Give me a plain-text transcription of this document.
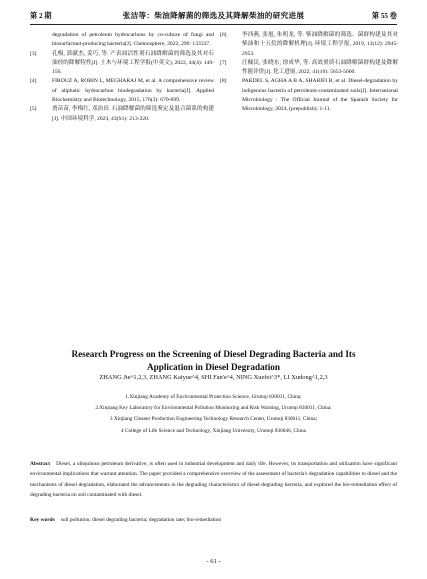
第 2 期	张洁等：柴油降解菌的筛选及其降解柴油的研究进展	第 55 卷
degradation of petroleum hydrocarbons by co-culture of fungi and biosurfactant-producing bacteria[J]. Chemosphere, 2022, 290: 133337.
[3]	孔梅, 郭献杰, 姜巧, 等. 产表面活性剂石油降解菌的筛选及其对石油烃的降解特性[J]. 土木与环境工程学报(中英文), 2022, 44(4): 149-156.
[4]	FIROUZ A, ROBIN L, MEGHARAJ M, et al. A comprehensive review of aliphatic hydrocarbon biodegradation by bacteria[J]. Applied Biochemistry and Biotechnology, 2015, 176(3): 670-699.
[5]	贾苗苗, 李梅红, 邓治田. 石油降解菌的筛选鉴定及混合菌系的构建[J]. 中国环境科学, 2023, 43(S1): 213-220.
[6]	李西燕, 张旭, 朱明龙, 等. 柴油降解菌的筛选、菌群构建及其对柴油和十五烷的降解机理[J]. 环境工程学报, 2019, 13(12): 2945-2953.
[7]	汪佩民, 张晓东, 徐成华, 等. 高效重质石油降解菌群构建及降解性能评价[J]. 化工进展, 2022, 41(10): 5653-5660.
[8]	PAKDEL S, AGHA A B A, SHARIFI R, et al. Diesel-degradation by indigenous bacteria of petroleum-contaminated soils[J]. International Microbiology : The Official Journal of the Spanish Society for Microbiology, 2024, (prepublish): 1-11.
Research Progress on the Screening of Diesel Degrading Bacteria and Its Application in Diesel Degradation
ZHANG Jie^1,2,3, ZHANG Kaiyue^4, SHI Fan'e^4, NING Xuefei^3*, LI Xudong^1,2,3
1.Xinjiang Academy of Environmental Protection Science, Urumqi 830011, China;
2.Xinjiang Key Laboratory for Environmental Pollution Monitoring and Risk Warning, Urumqi 830011, China;
3 Xinjiang Cleaner Production Engineering Technology Research Center, Urumqi 830011, China;
4 College of Life Science and Technology, Xinjiang University, Urumqi 830046, China
Abstract Diesel, a ubiquitous petroleum derivative, is often used in industrial development and daily life. However, its transportation and utilization have significant environmental implications that warrant attention. The paper provided a comprehensive overview of the assessment of bacteria's degradation capabilities to diesel and the mechanisms of diesel degradation, elaborated the advancements in the degrading characteristics of diesel-degrading bacteria, and explored the bio-remediation effect of degrading bacteria on soil contaminated with diesel.
Key words soil pollution; diesel degrading bacteria; degradation rate; bio-remediation
- 61 -
